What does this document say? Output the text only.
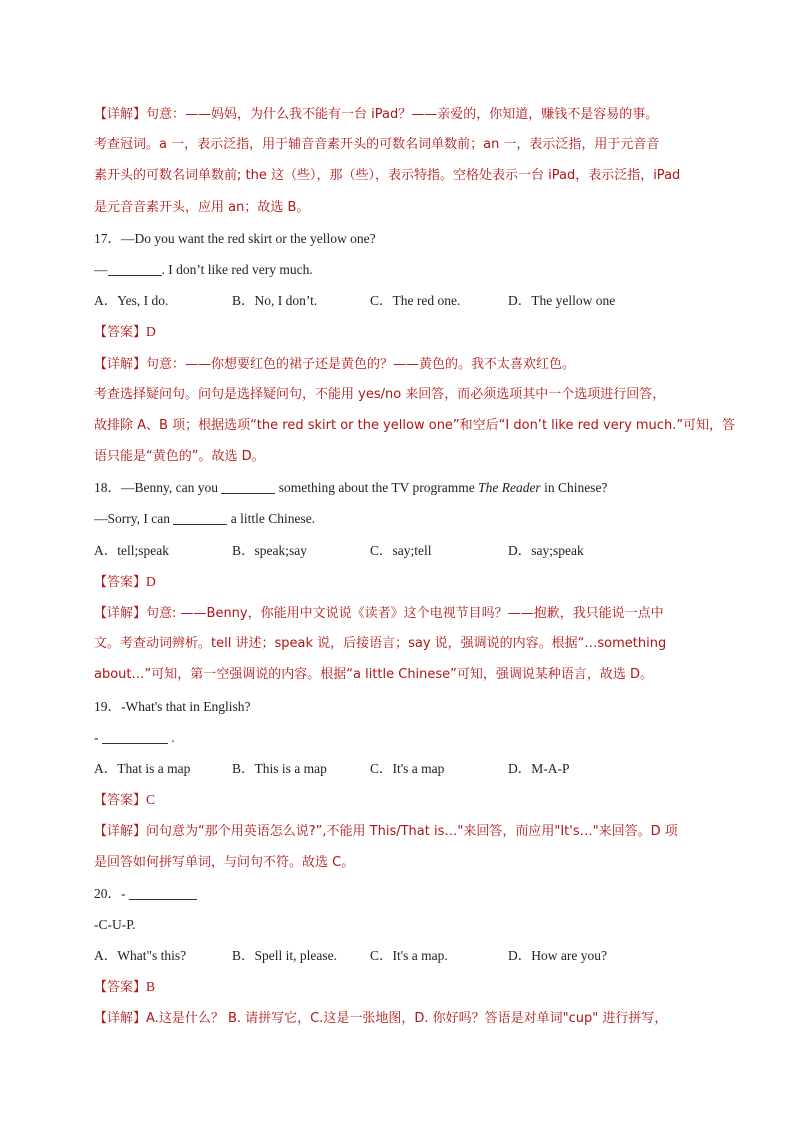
【详解】句意：——妈妈，为什么我不能有一台 iPad？——亲爱的，你知道，赚钱不是容易的事。
考查冠词。a 一，表示泛指，用于辅音音素开头的可数名词单数前；an 一，表示泛指，用于元音音
素开头的可数名词单数前; the 这（些），那（些），表示特指。空格处表示一台 iPad，表示泛指，iPad
是元音音素开头，应用 an；故选 B。
17．—Do you want the red skirt or the yellow one?
—	. I don’t like red very much.
A．Yes, I do.	B．No, I don’t.	C．The red one.	D．The yellow one
【答案】D
【详解】句意：——你想要红色的裙子还是黄色的？——黄色的。我不太喜欢红色。
考查选择疑问句。问句是选择疑问句，不能用 yes/no 来回答，而必须选项其中一个选项进行回答，
故排除 A、B 项；根据选项“the red skirt or the yellow one”和空后“I don’t like red very much.”可知，答
语只能是“黄色的”。故选 D。
18．—Benny, can you	something about the TV programme The Reader in Chinese?
—Sorry, I can	a little Chinese.
A．tell;speak	B．speak;say	C．say;tell	D．say;speak
【答案】D
【详解】句意: ——Benny，你能用中文说说《读者》这个电视节目吗？——抱歉，我只能说一点中
文。考查动词辨析。tell 讲述；speak 说，后接语言；say 说，强调说的内容。根据“…something
about…”可知，第一空强调说的内容。根据“a little Chinese”可知，强调说某种语言，故选 D。
19．-What's that in English?
-	.
A．That is a map	B．This is a map	C．It's a map	D．M-A-P
【答案】C
【详解】问句意为“那个用英语怎么说?”,不能用 This/That is…"来回答，而应用"It's…"来回答。D 项
是回答如何拼写单词，与问句不符。故选 C。
20．-
-C-U-P.
A．What"s this?	B．Spell it, please.	C．It's a map.	D．How are you?
【答案】B
【详解】A.这是什么？ B. 请拼写它，C.这是一张地图，D. 你好吗？答语是对单词"cup" 进行拼写，
